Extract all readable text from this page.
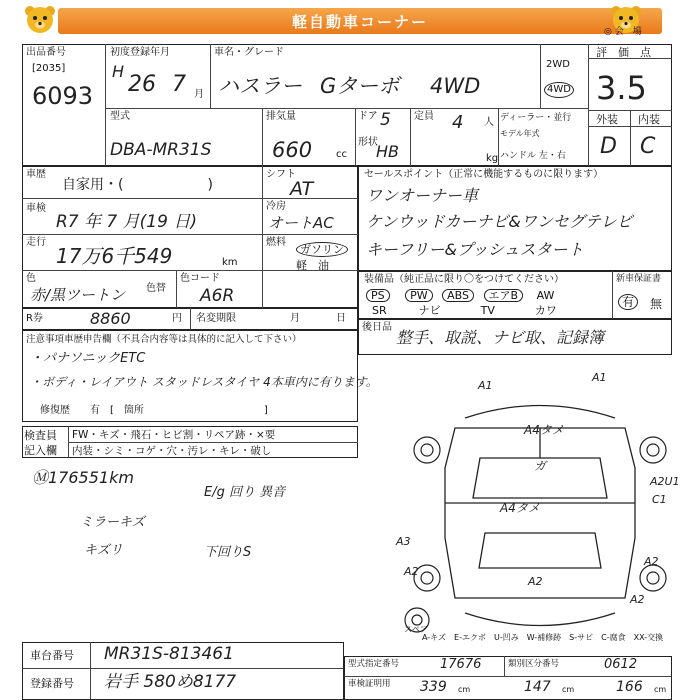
軽自動車コーナー
◎ 会　場
出品番号
[2035]
6093
初度登録年月
H
26 7 月
車名・グレード
ハスラー Gターボ 4WD
2WD
4WD
評　価　点
3.5
外装 内装
D C
型式
DBA-MR31S
排気量
660 cc
ドア 5
形状
HB
定員 4 人
kg
ディーラー・並行
モデル年式
ハンドル 左・右
車歴
自家用・(　　　　　　)
車検
R7 年 7 月(19 日)
走行
17万6千549	km
色
赤/黒ツートン 色替
色コード
A6R
シフト
AT
冷房
オートAC
燃料
ガソリン
軽　油
セールスポイント（正常に機能するものに限ります）
ワンオーナー車
ケンウッドカーナビ&ワンセグテレビ
キーフリー&プッシュスタート
装備品（純正品に限り〇をつけてください）	新車保証書
PS PW ABS エアB AW
SR	ナビ	TV	カワ
有	無
R券	8860	円 名変期限	月	日
後日品
整手、取説、ナビ取、記録簿
注意事項車歴申告欄（不具合内容等は具体的に記入して下さい）
・パナソニックETC
・ボディ・レイアウト スタッドレスタイヤ 4本車内に有ります。
修復歴 有　[　箇所　　　　　　　　　　　　]
検査員
記入欄
FW・キズ・飛石・ヒビ割・リペア跡・×要
内装・シミ・コゲ・穴・汚レ・キレ・破し
Ⓜ176551km
E/g 回り 異音
ミラーキズ
キズリ	下回りS
A1
A1
A4タメ
ガ
A4タメ
A2U1
C1
A3
A2
A2
A2
A2
スペア
A-キズ　E-エクボ　U-凹み　W-補修跡　S-サビ　C-腐食　XX-交換
車台番号 MR31S-813461
登録番号 岩手 580め8177
型式指定番号	17676	類別区分番号	0612
車検証明用 339 cm	147 cm	166 cm
